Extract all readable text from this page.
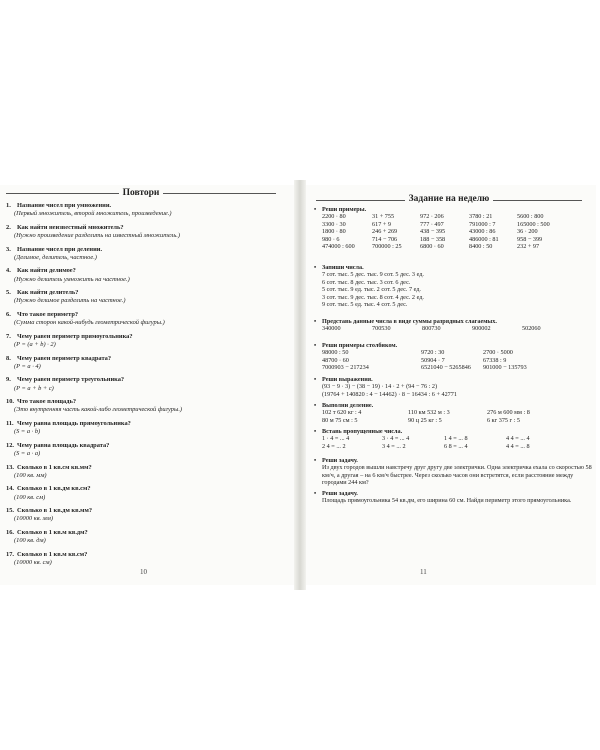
Повтори
1. Название чисел при умножении.
(Первый множитель, второй множитель, произведение.)
2. Как найти неизвестный множитель?
(Нужно произведение разделить на известный множитель.)
3. Название чисел при делении.
(Делимое, делитель, частное.)
4. Как найти делимое?
(Нужно делитель умножить на частное.)
5. Как найти делитель?
(Нужно делимое разделить на частное.)
6. Что такое периметр?
(Сумма сторон какой-нибудь геометрической фигуры.)
7. Чему равен периметр прямоугольника?
(P = (a + b) · 2)
8. Чему равен периметр квадрата?
(P = a · 4)
9. Чему равен периметр треугольника?
(P = a + b + c)
10. Что такое площадь?
(Это внутренняя часть какой-либо геометрической фигуры.)
11. Чему равна площадь прямоугольника?
(S = a · b)
12. Чему равна площадь квадрата?
(S = a · a)
13. Сколько в 1 кв.см кв.мм?
(100 кв. мм)
14. Сколько в 1 кв.дм кв.см?
(100 кв. см)
15. Сколько в 1 кв.дм кв.мм?
(10000 кв. мм)
16. Сколько в 1 кв.м кв.дм?
(100 кв. дм)
17. Сколько в 1 кв.м кв.см?
(10000 кв. см)
10
Задание на неделю
• Реши примеры.
2200 · 80	31 + 755	972 · 206	3780 : 21	5600 : 800
3300 · 30	617 + 9	777 · 497	791000 : 7	165000 : 500
1800 · 80	246 + 269	438 − 395	43000 : 86	36 · 200
980 · 6	714 − 706	188 − 358	486000 : 81	958 − 399
474000 : 600	700000 : 25	6800 · 60	8400 : 50	232 + 97
• Запиши числа.
7 сот. тыс. 5 дес. тыс. 9 сот. 5 дес. 3 ед.
6 сот. тыс. 8 дес. тыс. 3 сот. 6 дес.
5 сот. тыс. 9 ед. тыс. 2 сот. 5 дес. 7 ед.
3 сот. тыс. 9 дес. тыс. 8 сот. 4 дес. 2 ед.
9 сот. тыс. 5 ед. тыс. 4 сот. 5 дес.
• Представь данные числа в виде суммы разрядных слагаемых.
340000	700530	800730	900002	502060
• Реши примеры столбиком.
98000 : 50	9720 : 30	2700 · 5000
48700 · 60	50904 · 7	67338 : 9
7000903 − 217234	6521040 − 5265846	901000 − 135793
• Реши выражения.
(93 − 9 · 3) − (38 − 19) · 14 · 2 + (94 − 76 : 2)
(19764 + 140820 : 4 − 14462) · 8 − 16434 : 6 + 42771
• Выполни деление.
102 т 620 кг : 4	110 км 532 м : 3	276 м 600 мм : 8
80 м 75 см : 5	90 ц 25 кг : 5	6 кг 375 г : 5
• Вставь пропущенные числа.
1 · 4 = ... 4	3 · 4 = ... 4	1 4 = ... 8	4 4 = ... 4
2 4 = ... 2	3 4 = ... 2	6 8 = ... 4	4 4 = ... 8
• Реши задачу.
Из двух городов вышли навстречу друг другу две электрички. Одна электричка ехала со скоростью 58 км/ч, а другая – на 6 км/ч быстрее. Через сколько часов они встретятся, если расстояние между городами 244 км?
• Реши задачу.
Площадь прямоугольника 54 кв.дм, его ширина 60 см. Найди периметр этого прямоугольника.
11
